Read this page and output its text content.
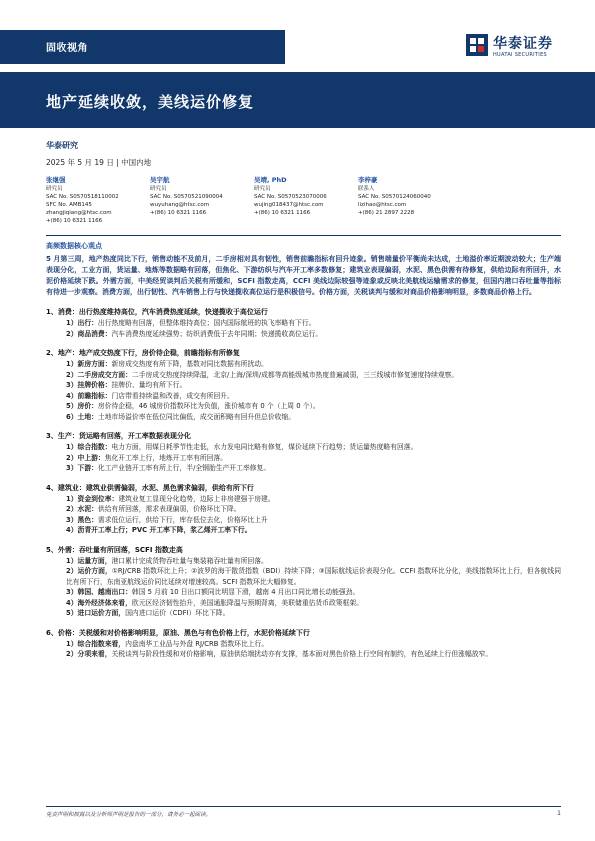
固收视角	华泰证券
HUATAI SECURITIES
地产延续收敛，美线运价修复
华泰研究
2025 年 5 月 19 日 | 中国内地
张继强
研究员
SAC No. S0570518110002
SFC No. AMB145
zhangjiqiang@htsc.com
+(86) 10 6321 1166
吴宇航
研究员
SAC No. S0570521090004
wuyuhang@htsc.com
+(86) 10 6321 1166
吴靖, PhD
研究员
SAC No. S0570523070006
wujing018437@htsc.com
+(86) 10 6321 1166
李梓豪
联系人
SAC No. S0570124060040
lizihao@htsc.com
+(86) 21 2897 2228
高频数据核心观点

5 月第三周，地产热度同比下行，销售动能不及前月，二手房相对具有韧性，销售前瞻指标有回升迹象。销售端量价平衡尚未达成，土地溢价率近期波动较大；生产端表现分化，工业方面，货运量、地炼等数据略有回落，但焦化、下游纺织与汽车开工率多数修复；建筑业表现偏弱，水泥、黑色供需有待修复，供给边际有所回升，水泥价格延续下跌。外需方面，中美经贸谈判后关税有所缓和，SCFI 指数走高，CCFI 美线边际较强等迹象或反映北美航线运输需求的修复，但国内港口吞吐量等指标有待进一步观察。消费方面，出行韧性、汽车销售上行与快递揽收高位运行是积极信号。价格方面，关税谈判与缓和对商品价格影响明显，多数商品价格上行。

1、消费：出行热度维持高位，汽车消费热度延续，快递揽收于高位运行
1）出行：出行热度略有回落，但整体维持高位；国内国际航班的执飞率略有下行。
2）商品消费：汽车消费热度延续强势；纺织消费低于去年同期；快递揽收高位运行。
2、地产：地产成交热度下行，房价待企稳，前瞻指标有所修复
1）新房方面：新房成交热度有所下降，基数对同比数据有所扰动。
2）二手房成交方面：二手房成交热度持续降温，北京/上海/深圳/成都等高能级城市热度普遍减弱，三三线城市修复速度持续观察。
3）挂牌价格：挂牌价、量均有所下行。
4）前瞻指标：门店带看持续温和改善，成交有所回升。
5）房价：房价待企稳，46 城房价指数环比为负值，涨价城市有 0 个（上周 0 个）。
6）土地：土地市场溢价率在低位同比偏低，成交面积略有回升但总价收缩。
3、生产：货运略有回落，开工率数据表现分化
1）综合指数：电力方面，用煤日耗季节性走低，水力发电同比略有修复，煤价延续下行趋势；货运量热度略有回落。
2）中上游：焦化开工率上行，地炼开工率有所回落。
3）下游：化工产业链开工率有所上行，半/全钢胎生产开工率修复。
4、建筑业：建筑业供需偏弱，水泥、黑色需求偏弱，供给有所下行
1）资金到位率：建筑业复工显现分化趋势，边际上非房建强于房建。
2）水泥：供给有所回落，需求表现偏弱，价格环比下降。
3）黑色：需求低位运行，供给下行，库存低位去化，价格环比上升
4）沥青开工率上行；PVC 开工率下降，浆乙烯开工率下行。
5、外需：吞吐量有所回落，SCFI 指数走高
1）运量方面，港口累计完成货物吞吐量与集装箱吞吐量有所回落。
2）运价方面，①RJ/CRB 指数环比上升；②波罗的海干散货指数（BDI）持续下降；③国际航线运价表现分化。CCFI 指数环比分化，美线指数环比上行，但各航线同比有所下行，东南亚航线运价同比延续对增速较高。SCFI 指数环比大幅修复。
3）韩国、越南出口：韩国 5 月前 10 日出口额同比明显下滑，越南 4 月出口同比增长动能强劲。
4）海外经济体来看，欧元区经济韧性抬升，美国通胀降温与预期背离，美联储重估货币政策框架。
5）进口运价方面，国内进口运价（CDFI）环比下降。
6、价格：关税缓和对价格影响明显，原油、黑色与有色价格上行，水泥价格延续下行
1）综合指数来看，内盘南华工业品与外盘 RJ/CRB 指数环比上行。
2）分项来看，关税谈判与阶段性缓和对价格影响，原油供给端扰动亦有支撑，基本面对黑色价格上行空间有制约，有色延续上行但涨幅放窄。
免责声明和披露以及分析师声明是报告的一部分，请务必一起阅读。	1
